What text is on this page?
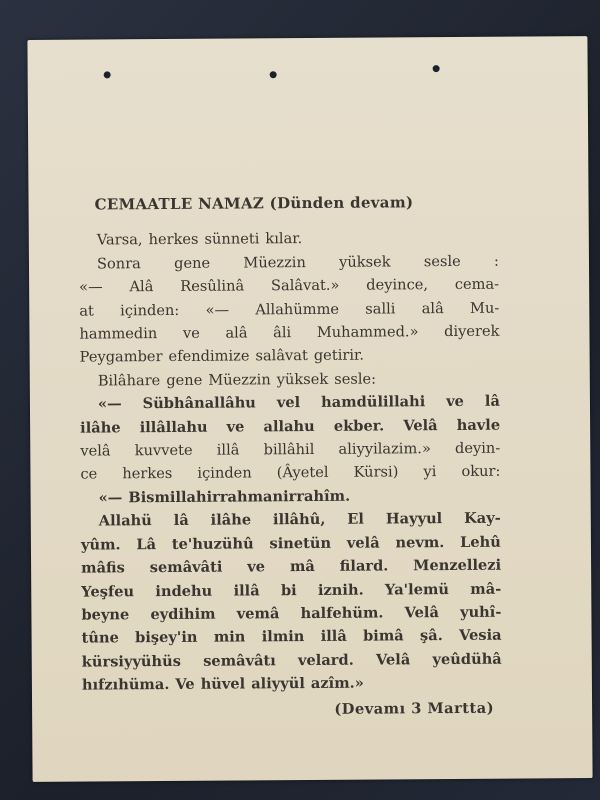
CEMAATLE NAMAZ (Dünden devam)
Varsa, herkes sünneti kılar.
Sonra gene Müezzin yüksek sesle :
«— Alâ Resûlinâ Salâvat.» deyince, cema-
at içinden: «— Allahümme salli alâ Mu-
hammedin ve alâ âli Muhammed.» diyerek
Peygamber efendimize salâvat getirir.
Bilâhare gene Müezzin yüksek sesle:
«— Sübhânallâhu vel hamdülillahi ve lâ
ilâhe illâllahu ve allahu ekber. Velâ havle
velâ kuvvete illâ billâhil aliyyilazim.» deyin-
ce herkes içinden (Âyetel Kürsi) yi okur:
«— Bismillahirrahmanirrahîm.
Allahü lâ ilâhe illâhû, El Hayyul Kay-
yûm. Lâ te'huzühû sinetün velâ nevm. Lehû
mâfis semâvâti ve mâ filard. Menzellezi
Yeşfeu indehu illâ bi iznih. Ya'lemü mâ-
beyne eydihim vemâ halfehüm. Velâ yuhî-
tûne bişey'in min ilmin illâ bimâ şâ. Vesia
kürsiyyühüs semâvâtı velard. Velâ yeûdühâ
hıfzıhüma. Ve hüvel aliyyül azîm.»
(Devamı 3 Martta)
